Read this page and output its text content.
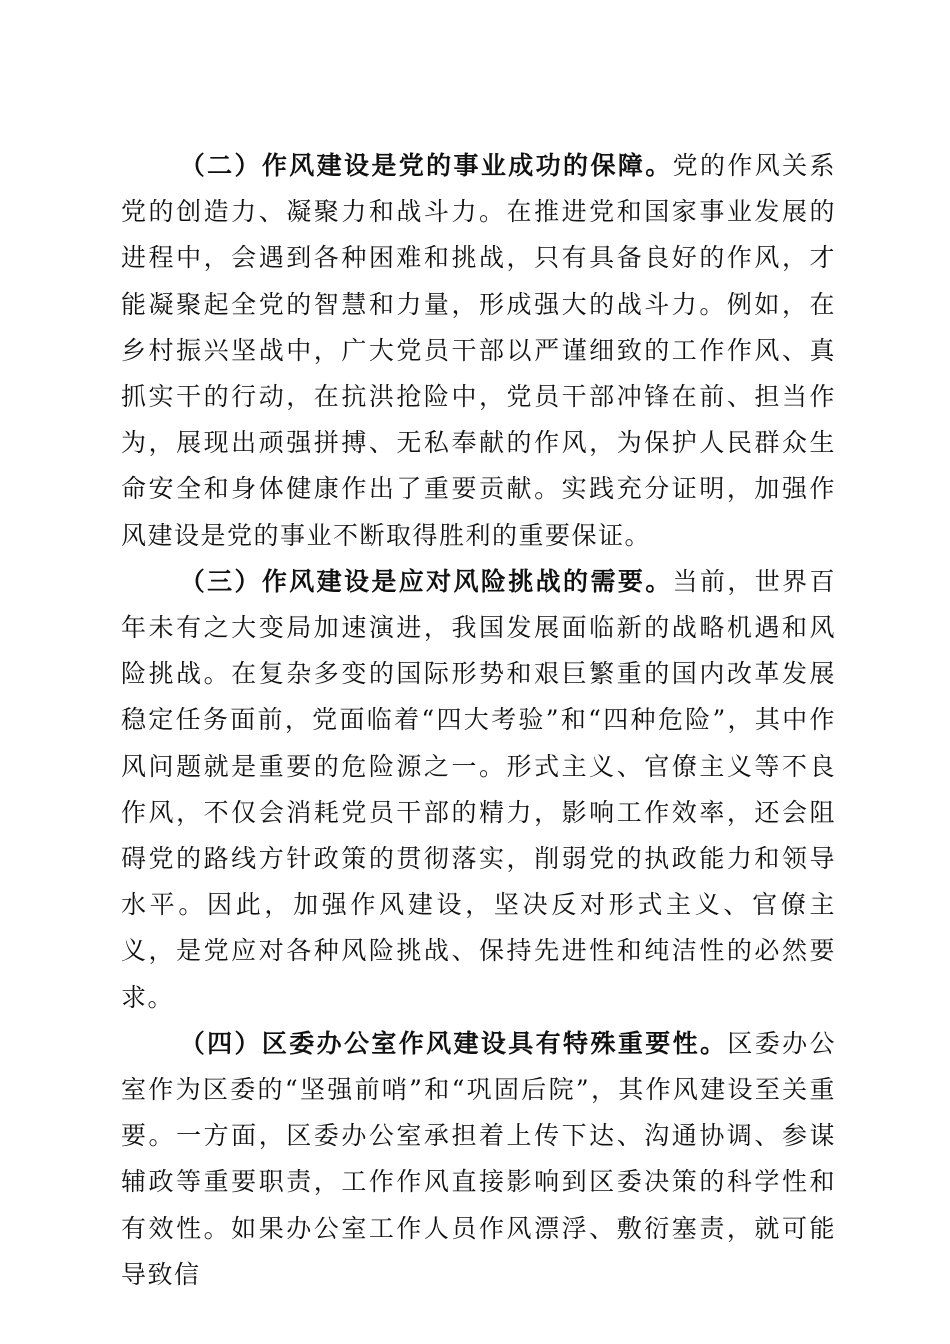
（二）作风建设是党的事业成功的保障。党的作风关系党的创造力、凝聚力和战斗力。在推进党和国家事业发展的进程中，会遇到各种困难和挑战，只有具备良好的作风，才能凝聚起全党的智慧和力量，形成强大的战斗力。例如，在乡村振兴坚战中，广大党员干部以严谨细致的工作作风、真抓实干的行动，在抗洪抢险中，党员干部冲锋在前、担当作为，展现出顽强拼搏、无私奉献的作风，为保护人民群众生命安全和身体健康作出了重要贡献。实践充分证明，加强作风建设是党的事业不断取得胜利的重要保证。

（三）作风建设是应对风险挑战的需要。当前，世界百年未有之大变局加速演进，我国发展面临新的战略机遇和风险挑战。在复杂多变的国际形势和艰巨繁重的国内改革发展稳定任务面前，党面临着“四大考验”和“四种危险”，其中作风问题就是重要的危险源之一。形式主义、官僚主义等不良作风，不仅会消耗党员干部的精力，影响工作效率，还会阻碍党的路线方针政策的贯彻落实，削弱党的执政能力和领导水平。因此，加强作风建设，坚决反对形式主义、官僚主义，是党应对各种风险挑战、保持先进性和纯洁性的必然要求。

（四）区委办公室作风建设具有特殊重要性。区委办公室作为区委的“坚强前哨”和“巩固后院”，其作风建设至关重要。一方面，区委办公室承担着上传下达、沟通协调、参谋辅政等重要职责，工作作风直接影响到区委决策的科学性和有效性。如果办公室工作人员作风漂浮、敷衍塞责，就可能导致信
